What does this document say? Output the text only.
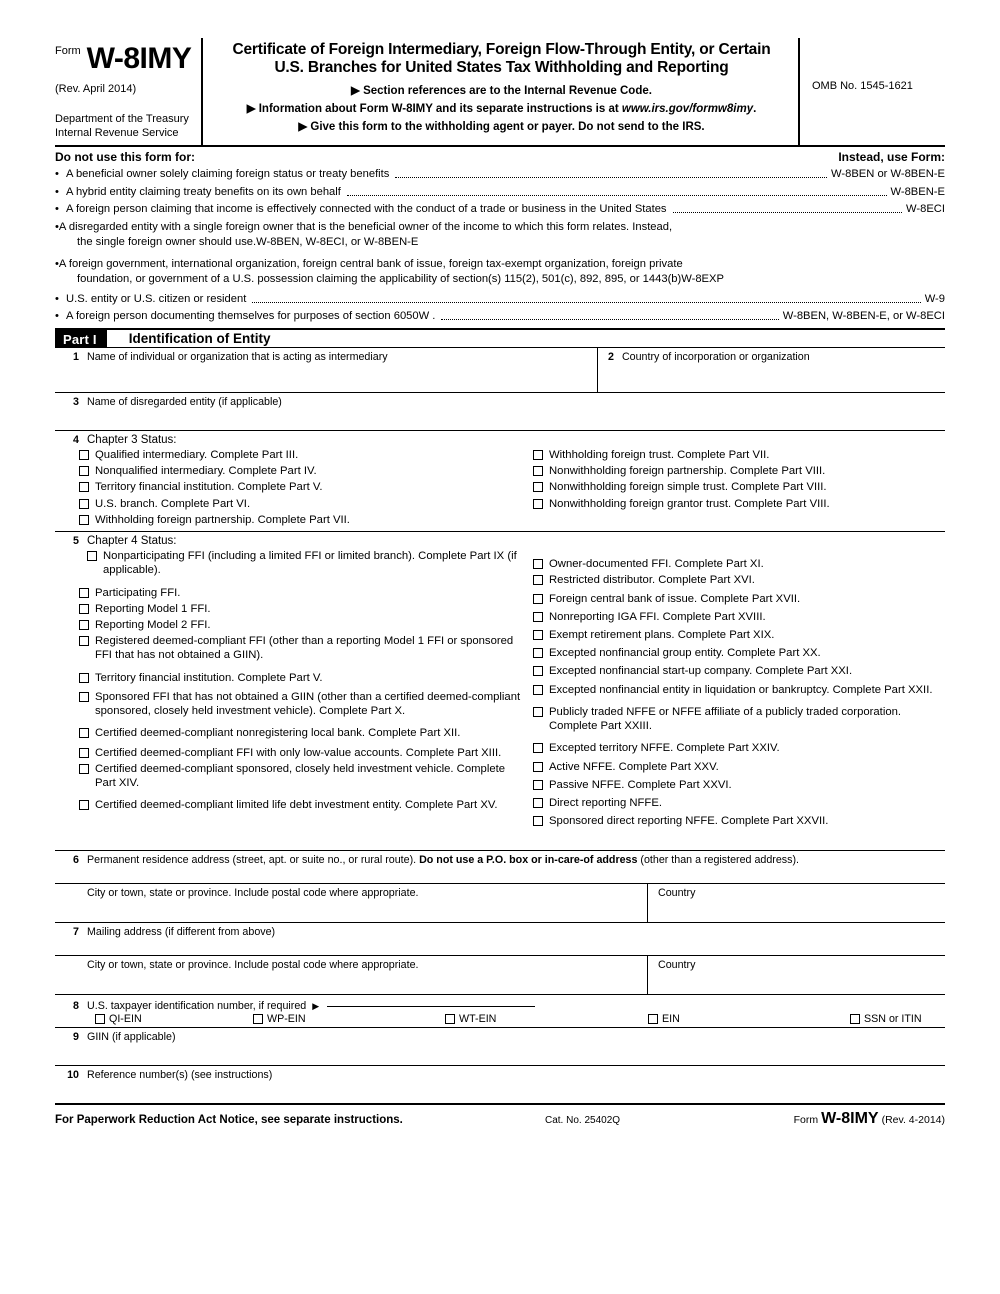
$^{Form}$ W-8IMY
(Rev. April 2014)
Department of the Treasury
Internal Revenue Service
Certificate of Foreign Intermediary, Foreign Flow-Through Entity, or Certain
U.S. Branches for United States Tax Withholding and Reporting
▶ Section references are to the Internal Revenue Code.
▶ Information about Form W-8IMY and its separate instructions is at www.irs.gov/formw8imy.
▶ Give this form to the withholding agent or payer. Do not send to the IRS.
OMB No. 1545-1621
Do not use this form for:	Instead, use Form:
• A beneficial owner solely claiming foreign status or treaty benefits	W-8BEN or W-8BEN-E
• A hybrid entity claiming treaty benefits on its own behalf	W-8BEN-E
• A foreign person claiming that income is effectively connected with the conduct of a trade or business in the United States	W-8ECI
• A disregarded entity with a single foreign owner that is the beneficial owner of the income to which this form relates. Instead,
the single foreign owner should use .W-8BEN, W-8ECI, or W-8BEN-E
• A foreign government, international organization, foreign central bank of issue, foreign tax-exempt organization, foreign private
foundation, or government of a U.S. possession claiming the applicability of section(s) 115(2), 501(c), 892, 895, or 1443(b) W-8EXP
• U.S. entity or U.S. citizen or resident	W-9
• A foreign person documenting themselves for purposes of section 6050W .	W-8BEN, W-8BEN-E, or W-8ECI
Part I	Identification of Entity
1 Name of individual or organization that is acting as intermediary	2 Country of incorporation or organization
3 Name of disregarded entity (if applicable)
4 Chapter 3 Status:
Qualified intermediary. Complete Part III.
Nonqualified intermediary. Complete Part IV.
Territory financial institution. Complete Part V.
U.S. branch. Complete Part VI.
Withholding foreign partnership. Complete Part VII.
Withholding foreign trust. Complete Part VII.
Nonwithholding foreign partnership. Complete Part VIII.
Nonwithholding foreign simple trust. Complete Part VIII.
Nonwithholding foreign grantor trust. Complete Part VIII.
5 Chapter 4 Status:
Nonparticipating FFI (including a limited FFI or limited branch). Complete Part IX (if applicable).
Participating FFI.
Reporting Model 1 FFI.
Reporting Model 2 FFI.
Registered deemed-compliant FFI (other than a reporting Model 1 FFI or sponsored FFI that has not obtained a GIIN).
Territory financial institution. Complete Part V.
Sponsored FFI that has not obtained a GIIN (other than a certified deemed-compliant sponsored, closely held investment vehicle). Complete Part X.
Certified deemed-compliant nonregistering local bank. Complete Part XII.
Certified deemed-compliant FFI with only low-value accounts. Complete Part XIII.
Certified deemed-compliant sponsored, closely held investment vehicle. Complete Part XIV.
Certified deemed-compliant limited life debt investment entity. Complete Part XV.
Owner-documented FFI. Complete Part XI.
Restricted distributor. Complete Part XVI.
Foreign central bank of issue. Complete Part XVII.
Nonreporting IGA FFI. Complete Part XVIII.
Exempt retirement plans. Complete Part XIX.
Excepted nonfinancial group entity. Complete Part XX.
Excepted nonfinancial start-up company. Complete Part XXI.
Excepted nonfinancial entity in liquidation or bankruptcy. Complete Part XXII.
Publicly traded NFFE or NFFE affiliate of a publicly traded corporation. Complete Part XXIII.
Excepted territory NFFE. Complete Part XXIV.
Active NFFE. Complete Part XXV.
Passive NFFE. Complete Part XXVI.
Direct reporting NFFE.
Sponsored direct reporting NFFE. Complete Part XXVII.
6 Permanent residence address (street, apt. or suite no., or rural route). Do not use a P.O. box or in-care-of address (other than a registered address).
City or town, state or province. Include postal code where appropriate.	Country
7 Mailing address (if different from above)
City or town, state or province. Include postal code where appropriate.	Country
8 U.S. taxpayer identification number, if required ▶
QI-EIN	WP-EIN	WT-EIN	EIN	SSN or ITIN
9 GIIN (if applicable)
10 Reference number(s) (see instructions)
For Paperwork Reduction Act Notice, see separate instructions.	Cat. No. 25402Q	Form W-8IMY (Rev. 4-2014)
